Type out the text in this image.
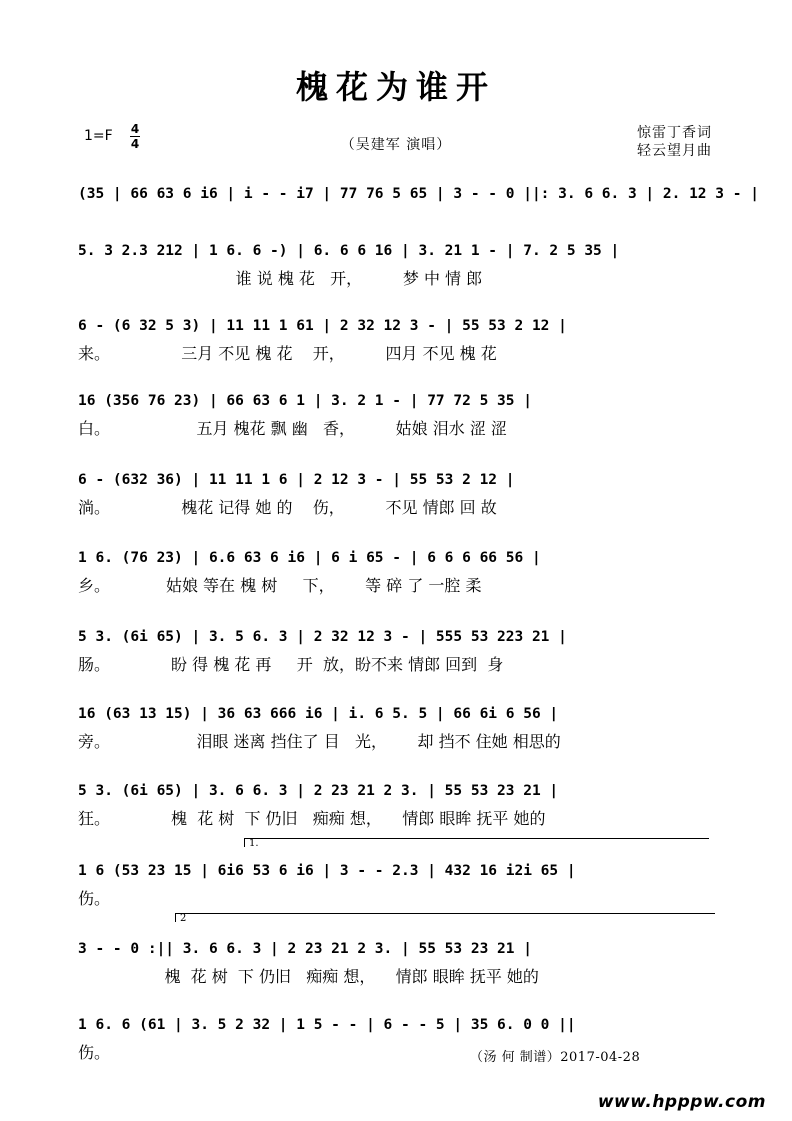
槐花为谁开
1=F 4
4	（吴建军 演唱）
惊雷丁香词
轻云望月曲
(35 | 66 63 6 i6 | i - - i7 | 77 76 5 65 | 3 - - 0 ||: 3. 6 6. 3 | 2. 12 3 - |
5. 3 2.3 212 | 1 6. 6 -) | 6. 6 6 16 | 3. 21 1 - | 7. 2 5 35 |
谁 说 槐 花   开，        梦 中 情 郎
6 - (6 32 5 3) | 11 11 1 61 | 2 32 12 3 - | 55 53 2 12 |
来。              三月 不见 槐 花    开，        四月 不见 槐 花
16 (356 76 23) | 66 63 6 1 | 3. 2 1 - | 77 72 5 35 |
白。                 五月 槐花 飘 幽   香，        姑娘 泪水 涩 涩
6 - (632 36) | 11 11 1 6 | 2 12 3 - | 55 53 2 12 |
淌。              槐花 记得 她 的    伤，        不见 情郎 回 故
1 6. (76 23) | 6.6 63 6 i6 | 6 i 65 - | 6 6 6 66 56 |
乡。           姑娘 等在 槐 树     下，      等 碎 了 一腔 柔
5 3. (6i 65) | 3. 5 6. 3 | 2 32 12 3 - | 555 53 223 21 |
肠。            盼 得 槐 花 再     开  放，盼不来 情郎 回到  身
16 (63 13 15) | 36 63 666 i6 | i. 6 5. 5 | 66 6i 6 56 |
旁。                 泪眼 迷离 挡住了 目   光，      却 挡不 住她 相思的
5 3. (6i 65) | 3. 6 6. 3 | 2 23 21 2 3. | 55 53 23 21 |
狂。            槐  花 树  下 仍旧   痴痴 想，    情郎 眼眸 抚平 她的
1.
1 6 (53 23 15 | 6i6 53 6 i6 | 3 - - 2.3 | 432 16 i2i 65 |
伤。
2
3 - - 0 :|| 3. 6 6. 3 | 2 23 21 2 3. | 55 53 23 21 |
槐  花 树  下 仍旧   痴痴 想，    情郎 眼眸 抚平 她的
1 6. 6 (61 | 3. 5 2 32 | 1 5 - - | 6 - - 5 | 35 6. 0 0 ||
伤。	（汤 何 制谱）2017-04-28
www.hpppw.com
